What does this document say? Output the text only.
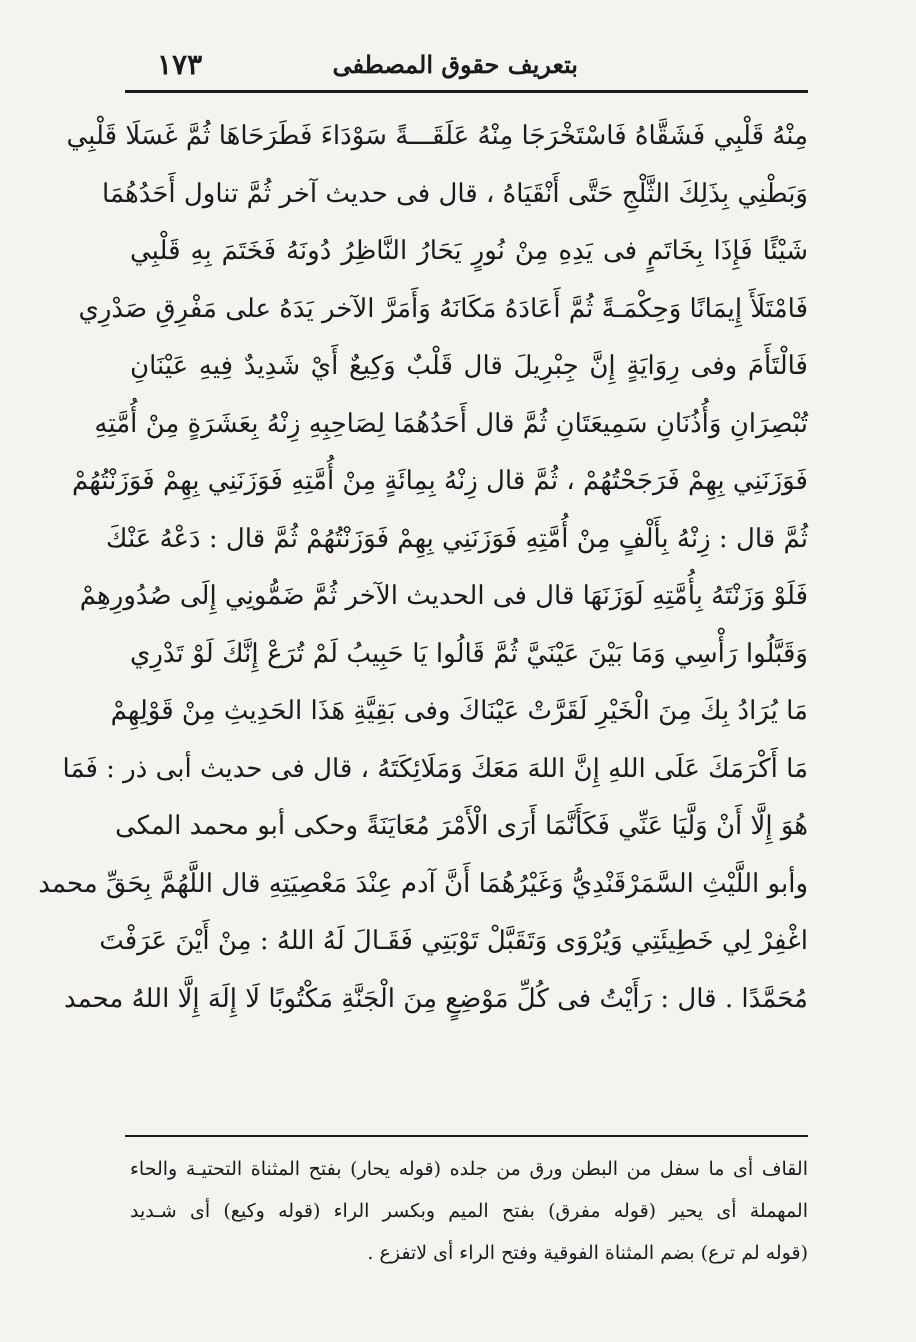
بتعريف حقوق المصطفى
١٧٣
مِنْهُ قَلْبِي فَشَقَّاهُ فَاسْتَخْرَجَا مِنْهُ عَلَقَـــةً سَوْدَاءَ فَطَرَحَاهَا ثُمَّ غَسَلَا قَلْبِي
وَبَطْنِي بِذَلِكَ الثَّلْجِ حَتَّى أَنْقَيَاهُ ، قال فى حديث آخر ثُمَّ تناول أَحَدُهُمَا
شَيْئًا فَإِذَا بِخَاتَمٍ فى يَدِهِ مِنْ نُورٍ يَحَارُ النَّاظِرُ دُونَهُ فَخَتَمَ بِهِ قَلْبِي
فَامْتَلَأَ إِيمَانًا وَحِكْمَـةً ثُمَّ أَعَادَهُ مَكَانَهُ وَأَمَرَّ الآخر يَدَهُ على مَفْرِقِ صَدْرِي
فَالْتَأَمَ وفى رِوَايَةٍ إِنَّ جِبْرِيلَ قال قَلْبٌ وَكِيعٌ أَيْ شَدِيدٌ فِيهِ عَيْنَانِ
تُبْصِرَانِ وَأُذُنَانِ سَمِيعَتَانِ ثُمَّ قال أَحَدُهُمَا لِصَاحِبِهِ زِنْهُ بِعَشَرَةٍ مِنْ أُمَّتِهِ
فَوَزَنَنِي بِهِمْ فَرَجَحْتُهُمْ ، ثُمَّ قال زِنْهُ بِمِائَةٍ مِنْ أُمَّتِهِ فَوَزَنَنِي بِهِمْ فَوَزَنْتُهُمْ
ثُمَّ قال : زِنْهُ بِأَلْفٍ مِنْ أُمَّتِهِ فَوَزَنَنِي بِهِمْ فَوَزَنْتُهُمْ ثُمَّ قال : دَعْهُ عَنْكَ
فَلَوْ وَزَنْتَهُ بِأُمَّتِهِ لَوَزَنَهَا قال فى الحديث الآخر ثُمَّ ضَمُّونِي إِلَى صُدُورِهِمْ
وَقَبَّلُوا رَأْسِي وَمَا بَيْنَ عَيْنَيَّ ثُمَّ قَالُوا يَا حَبِيبُ لَمْ تُرَعْ إِنَّكَ لَوْ تَدْرِي
مَا يُرَادُ بِكَ مِنَ الْخَيْرِ لَقَرَّتْ عَيْنَاكَ وفى بَقِيَّةِ هَذَا الحَدِيثِ مِنْ قَوْلِهِمْ
مَا أَكْرَمَكَ عَلَى اللهِ إِنَّ اللهَ مَعَكَ وَمَلَائِكَتَهُ ، قال فى حديث أبى ذر : فَمَا
هُوَ إِلَّا أَنْ وَلَّيَا عَنِّي فَكَأَنَّمَا أَرَى الْأَمْرَ مُعَايَنَةً وحكى أبو محمد المكى
وأبو اللَّيْثِ السَّمَرْقَنْدِيُّ وَغَيْرُهُمَا أَنَّ آدم عِنْدَ مَعْصِيَتِهِ قال اللَّهُمَّ بِحَقِّ محمد
اغْفِرْ لِي خَطِيئَتِي وَيُرْوَى وَتَقَبَّلْ تَوْبَتِي فَقَـالَ لَهُ اللهُ : مِنْ أَيْنَ عَرَفْتَ
مُحَمَّدًا . قال : رَأَيْتُ فى كُلِّ مَوْضِعٍ مِنَ الْجَنَّةِ مَكْتُوبًا لَا إِلَهَ إِلَّا اللهُ محمد
القاف أى ما سفل من البطن ورق من جلده (قوله يحار) بفتح المثناة التحتيـة والحاء
المهملة أى يحير (قوله مفرق) بفتح الميم وبكسر الراء (قوله وكيع) أى شـديد
(قوله لم ترع) بضم المثناة الفوقية وفتح الراء أى لاتفزع .
